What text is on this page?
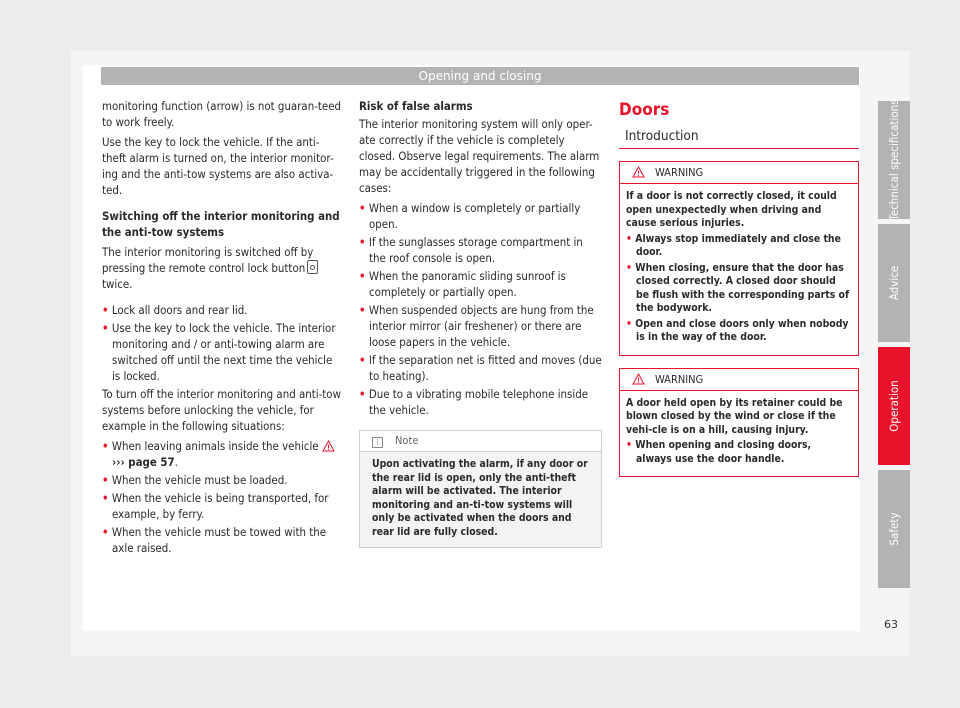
Opening and closing

monitoring function (arrow) is not guaran-teed to work freely.

Use the key to lock the vehicle. If the anti-theft alarm is turned on, the interior monitor-ing and the anti-tow systems are also activa-ted.

Switching off the interior monitoring and the anti-tow systems

The interior monitoring is switched off by pressing the remote control lock button
twice.

• Lock all doors and rear lid.

• Use the key to lock the vehicle. The interior monitoring and / or anti-towing alarm are switched off until the next time the vehicle is locked.

To turn off the interior monitoring and anti-tow systems before unlocking the vehicle, for example in the following situations:

• When leaving animals inside the vehicle
››› page 57.

• When the vehicle must be loaded.

• When the vehicle is being transported, for example, by ferry.

• When the vehicle must be towed with the axle raised.

Risk of false alarms

The interior monitoring system will only oper-ate correctly if the vehicle is completely closed. Observe legal requirements. The alarm may be accidentally triggered in the following cases:

• When a window is completely or partially open.

• If the sunglasses storage compartment in the roof console is open.

• When the panoramic sliding sunroof is completely or partially open.

• When suspended objects are hung from the interior mirror (air freshener) or there are loose papers in the vehicle.

• If the separation net is fitted and moves (due to heating).

• Due to a vibrating mobile telephone inside the vehicle.

i Note
Upon activating the alarm, if any door or the rear lid is open, only the anti-theft alarm will be activated. The interior monitoring and an-ti-tow systems will only be activated when the doors and rear lid are fully closed.
Doors
Introduction
WARNING
If a door is not correctly closed, it could open unexpectedly when driving and cause serious injuries.
• Always stop immediately and close the door.
• When closing, ensure that the door has closed correctly. A closed door should be flush with the corresponding parts of the bodywork.
• Open and close doors only when nobody is in the way of the door.
WARNING
A door held open by its retainer could be blown closed by the wind or close if the vehi-cle is on a hill, causing injury.
• When opening and closing doors, always use the door handle.
Technical specifications
Advice
Operation
Safety
63
